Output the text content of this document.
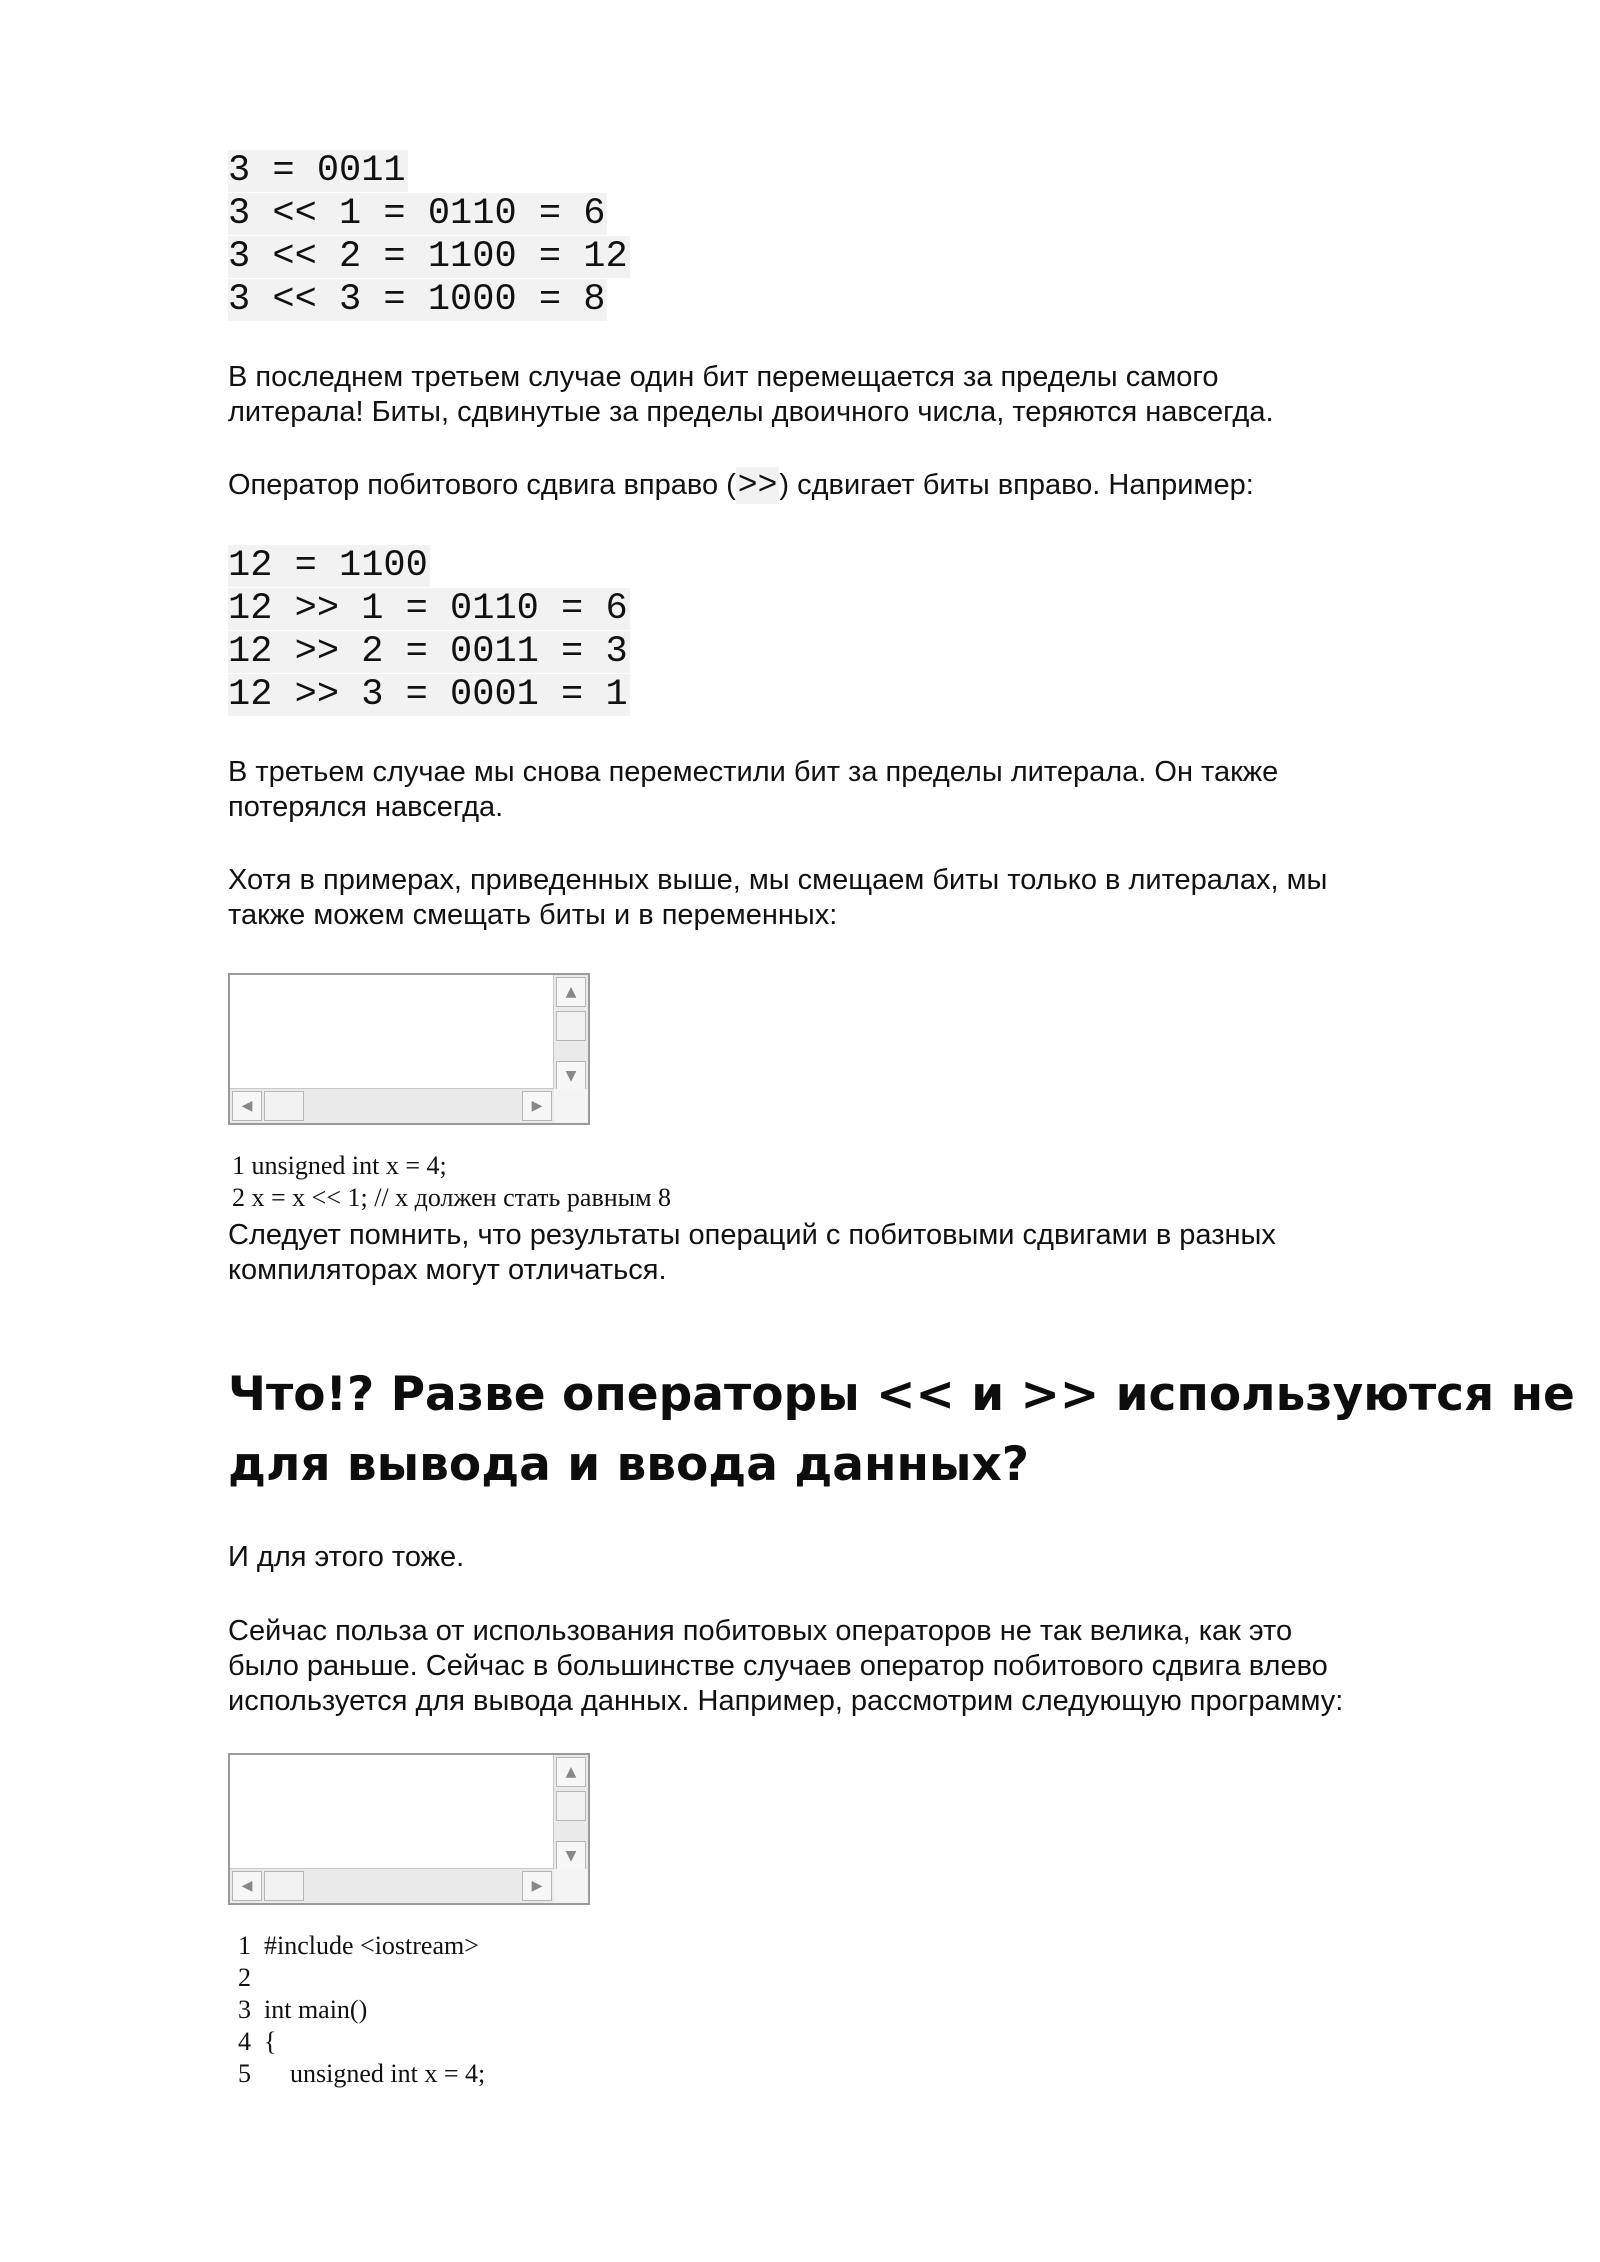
3 = 0011
3 << 1 = 0110 = 6
3 << 2 = 1100 = 12
3 << 3 = 1000 = 8
В последнем третьем случае один бит перемещается за пределы самого
литерала! Биты, сдвинутые за пределы двоичного числа, теряются навсегда.
Оператор побитового сдвига вправо (>>) сдвигает биты вправо. Например:
12 = 1100
12 >> 1 = 0110 = 6
12 >> 2 = 0011 = 3
12 >> 3 = 0001 = 1
В третьем случае мы снова переместили бит за пределы литерала. Он также
потерялся навсегда.
Хотя в примерах, приведенных выше, мы смещаем биты только в литералах, мы
также можем смещать биты и в переменных:
▲
▼
◀	▶
1 unsigned int x = 4;
2 x = x << 1; // x должен стать равным 8
Следует помнить, что результаты операций с побитовыми сдвигами в разных
компиляторах могут отличаться.
Что!? Разве операторы << и >> используются не
для вывода и ввода данных?
И для этого тоже.
Сейчас польза от использования побитовых операторов не так велика, как это
было раньше. Сейчас в большинстве случаев оператор побитового сдвига влево
используется для вывода данных. Например, рассмотрим следующую программу:
▲
▼
◀	▶
1  #include <iostream>
2
3  int main()
4  {
5      unsigned int x = 4;
